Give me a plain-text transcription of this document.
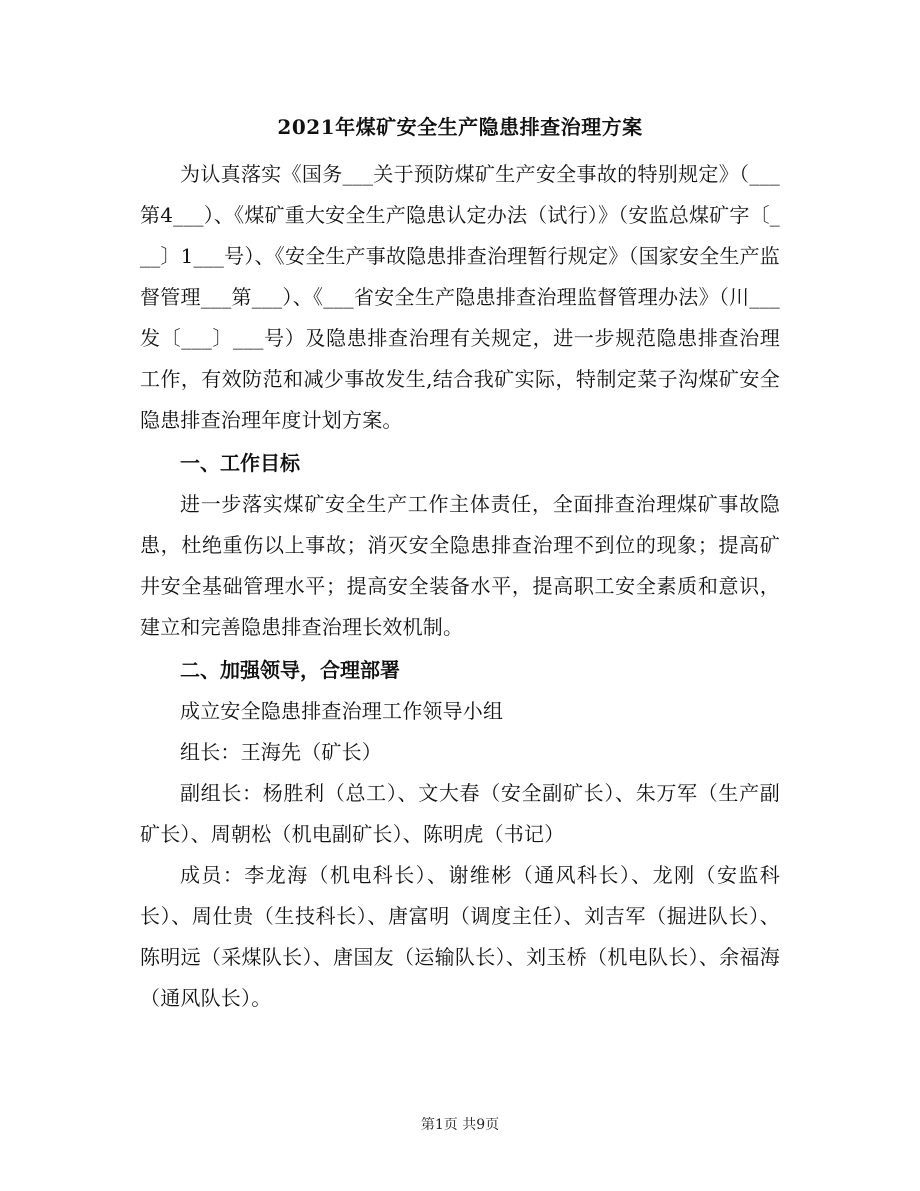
2021年煤矿安全生产隐患排查治理方案

为认真落实《国务___关于预防煤矿生产安全事故的特别规定》（___第4___）、《煤矿重大安全生产隐患认定办法（试行）》（安监总煤矿字〔___〕1___号）、《安全生产事故隐患排查治理暂行规定》（国家安全生产监督管理___第___）、《___省安全生产隐患排查治理监督管理办法》（川___发〔___〕___号）及隐患排查治理有关规定，进一步规范隐患排查治理工作，有效防范和减少事故发生,结合我矿实际，特制定菜子沟煤矿安全隐患排查治理年度计划方案。

一、工作目标

进一步落实煤矿安全生产工作主体责任，全面排查治理煤矿事故隐患，杜绝重伤以上事故；消灭安全隐患排查治理不到位的现象；提高矿井安全基础管理水平；提高安全装备水平，提高职工安全素质和意识，建立和完善隐患排查治理长效机制。

二、加强领导，合理部署

成立安全隐患排查治理工作领导小组

组长：王海先（矿长）

副组长：杨胜利（总工）、文大春（安全副矿长）、朱万军（生产副矿长）、周朝松（机电副矿长）、陈明虎（书记）

成员：李龙海（机电科长）、谢维彬（通风科长）、龙刚（安监科长）、周仕贵（生技科长）、唐富明（调度主任）、刘吉军（掘进队长）、陈明远（采煤队长）、唐国友（运输队长）、刘玉桥（机电队长）、余福海（通风队长）。

第1页 共9页
